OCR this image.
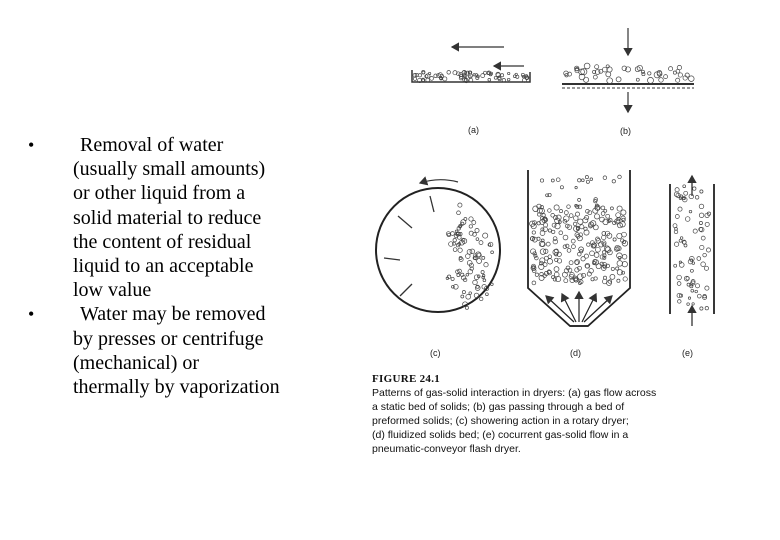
• Removal of water
(usually small amounts)
or other liquid from a
solid material to reduce
the content of residual
liquid to an acceptable
low value
• Water may be removed
by presses or centrifuge
(mechanical) or
thermally by vaporization
(a)	(b)
(c)	(d)	(e)
FIGURE 24.1
Patterns of gas-solid interaction in dryers: (a) gas flow across
a static bed of solids; (b) gas passing through a bed of
preformed solids; (c) showering action in a rotary dryer;
(d) fluidized solids bed; (e) cocurrent gas-solid flow in a
pneumatic-conveyor flash dryer.
